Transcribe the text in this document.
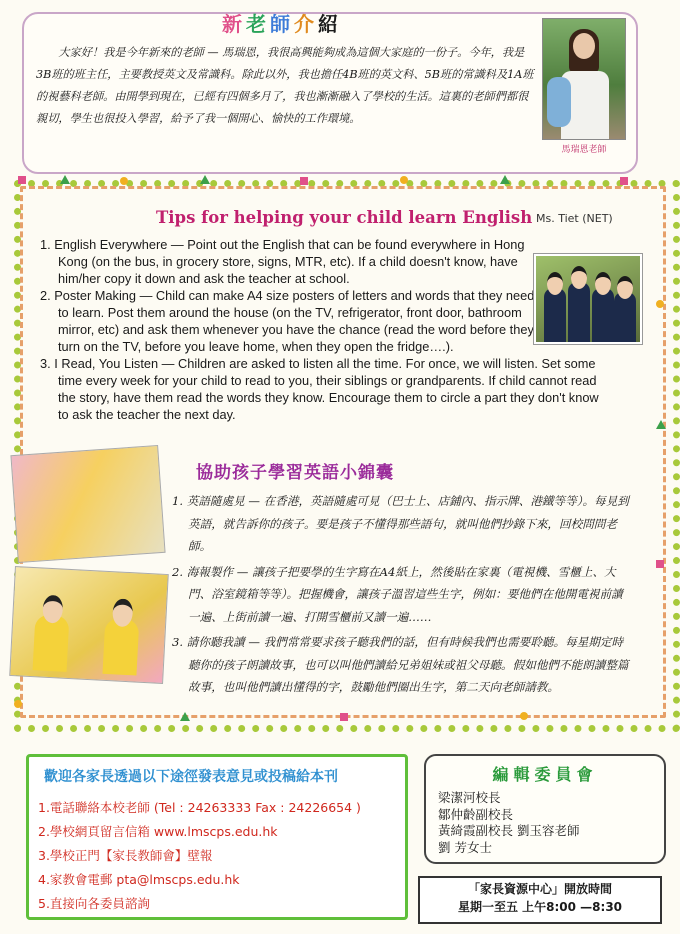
新老師介紹
大家好！我是今年新來的老師 — 馬瑞恩，我很高興能夠成為這個大家庭的一份子。今年，我是3B班的班主任，主要教授英文及常識科。除此以外，我也擔任4B班的英文科、5B班的常識科及1A班的視藝科老師。由開學到現在，已經有四個多月了，我也漸漸融入了學校的生活。這裏的老師們都很親切，學生也很投入學習，給予了我一個開心、愉快的工作環境。
馬瑞恩老師
Tips for helping your child learn English Ms. Tiet (NET)
1. English Everywhere — Point out the English that can be found everywhere in Hong Kong (on the bus, in grocery store, signs, MTR, etc). If a child doesn't know, have him/her copy it down and ask the teacher at school.
2. Poster Making — Child can make A4 size posters of letters and words that they need to learn. Post them around the house (on the TV, refrigerator, front door, bathroom mirror, etc) and ask them whenever you have the chance (read the word before they turn on the TV, before you leave home, when they open the fridge….).
3. I Read, You Listen — Children are asked to listen all the time. For once, we will listen. Set some time every week for your child to read to you, their siblings or grandparents. If child cannot read the story, have them read the words they know. Encourage them to circle a part they don't know to ask the teacher the next day.
協助孩子學習英語小錦囊
1. 英語隨處見 — 在香港，英語隨處可見（巴士上、店鋪內、指示牌、港鐵等等）。每見到英語，就告訴你的孩子。要是孩子不懂得那些語句，就叫他們抄錄下來，回校問問老師。
2. 海報製作 — 讓孩子把要學的生字寫在A4紙上，然後貼在家裏（電視機、雪櫃上、大門、浴室鏡箱等等）。把握機會，讓孩子溫習這些生字，例如：要他們在他開電視前讀一遍、上街前讀一遍、打開雪櫃前又讀一遍……
3. 請你聽我讀 — 我們常常要求孩子聽我們的話，但有時候我們也需要聆聽。每星期定時聽你的孩子朗讀故事，也可以叫他們讀給兄弟姐妹或祖父母聽。假如他們不能朗讀整篇故事，也叫他們讀出懂得的字，鼓勵他們圈出生字，第二天向老師請教。
歡迎各家長透過以下途徑發表意見或投稿給本刊
1.電話聯絡本校老師 (Tel : 24263333 Fax : 24226654 )
2.學校網頁留言信箱 www.lmscps.edu.hk
3.學校正門【家長教師會】壁報
4.家教會電郵 pta@lmscps.edu.hk
5.直接向各委員諮詢
編輯委員會
梁潔河校長
鄒仲齡副校長
黃綺霞副校長 劉玉容老師
劉 芳女士
「家長資源中心」開放時間
星期一至五 上午8:00 —8:30
